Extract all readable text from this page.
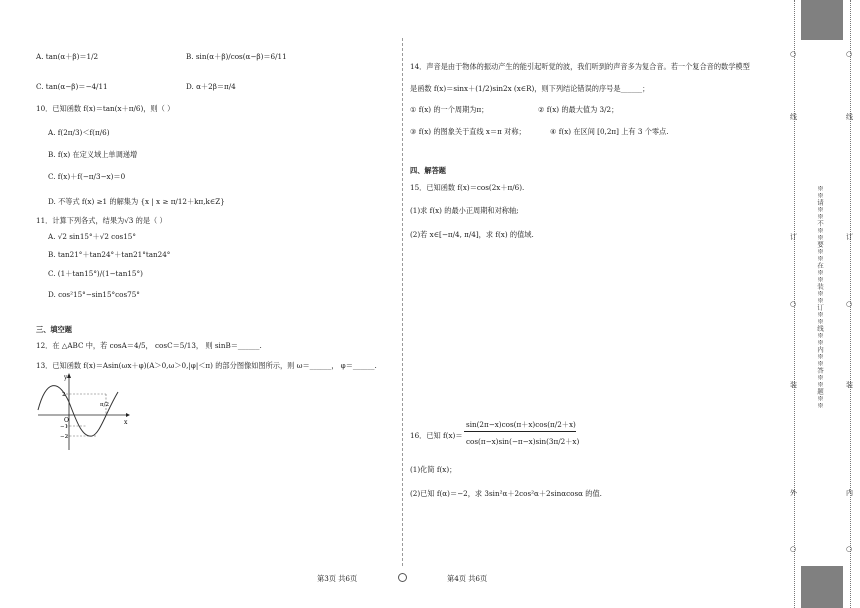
A. tan(α＋β)＝1/2	B. sin(α＋β)/cos(α−β)＝6/11
C. tan(α−β)＝−4/11	D. α＋2β＝π/4
10．已知函数 f(x)＝tan(x＋π/6)，则（ ）
A. f(2π/3)＜f(π/6)
B. f(x) 在定义域上单调递增
C. f(x)＋f(−π/3−x)＝0
D. 不等式 f(x) ≥1 的解集为 {x | x ≥ π/12＋kπ,k∈Z}
11．计算下列各式，结果为√3 的是（ ）
A. √2 sin15°＋√2 cos15°
B. tan21°＋tan24°＋tan21°tan24°
C. (1＋tan15°)/(1−tan15°)
D. cos²15°−sin15°cos75°
三、填空题
12．在 △ABC 中，若 cosA＝4/5， cosC＝5/13， 则 sinB＝______.
13．已知函数 f(x)＝Asin(ωx＋φ)(A＞0,ω＞0,|φ|＜π) 的部分图像如图所示，则 ω＝______， φ＝______.
y
x
O
2
−1
−2
π/2
14．声音是由于物体的振动产生的能引起听觉的波，我们听到的声音多为复合音。若一个复合音的数学模型
是函数 f(x)＝sinx＋(1/2)sin2x (x∈R)，则下列结论错误的序号是______；
① f(x) 的一个周期为π；	② f(x) 的最大值为 3/2；
③ f(x) 的图象关于直线 x＝π 对称；	④ f(x) 在区间 [0,2π] 上有 3 个零点.
四、解答题
15．已知函数 f(x)＝cos(2x＋π/6).
(1)求 f(x) 的最小正周期和对称轴;
(2)若 x∈[−π/4, π/4]，求 f(x) 的值域.
16．已知 f(x)＝
sin(2π−x)cos(π＋x)cos(π/2＋x)
cos(π−x)sin(−π−x)sin(3π/2＋x)
(1)化简 f(x)；
(2)已知 f(α)＝−2，求 3sin²α＋2cos²α＋2sinαcosα 的值.
第3页 共6页	第4页 共6页
○
○
○
○
○
○
外
装
订
线
内
装
订
线
※※请※※不※※要※※在※※装※※订※※线※※内※※答※※题※※
